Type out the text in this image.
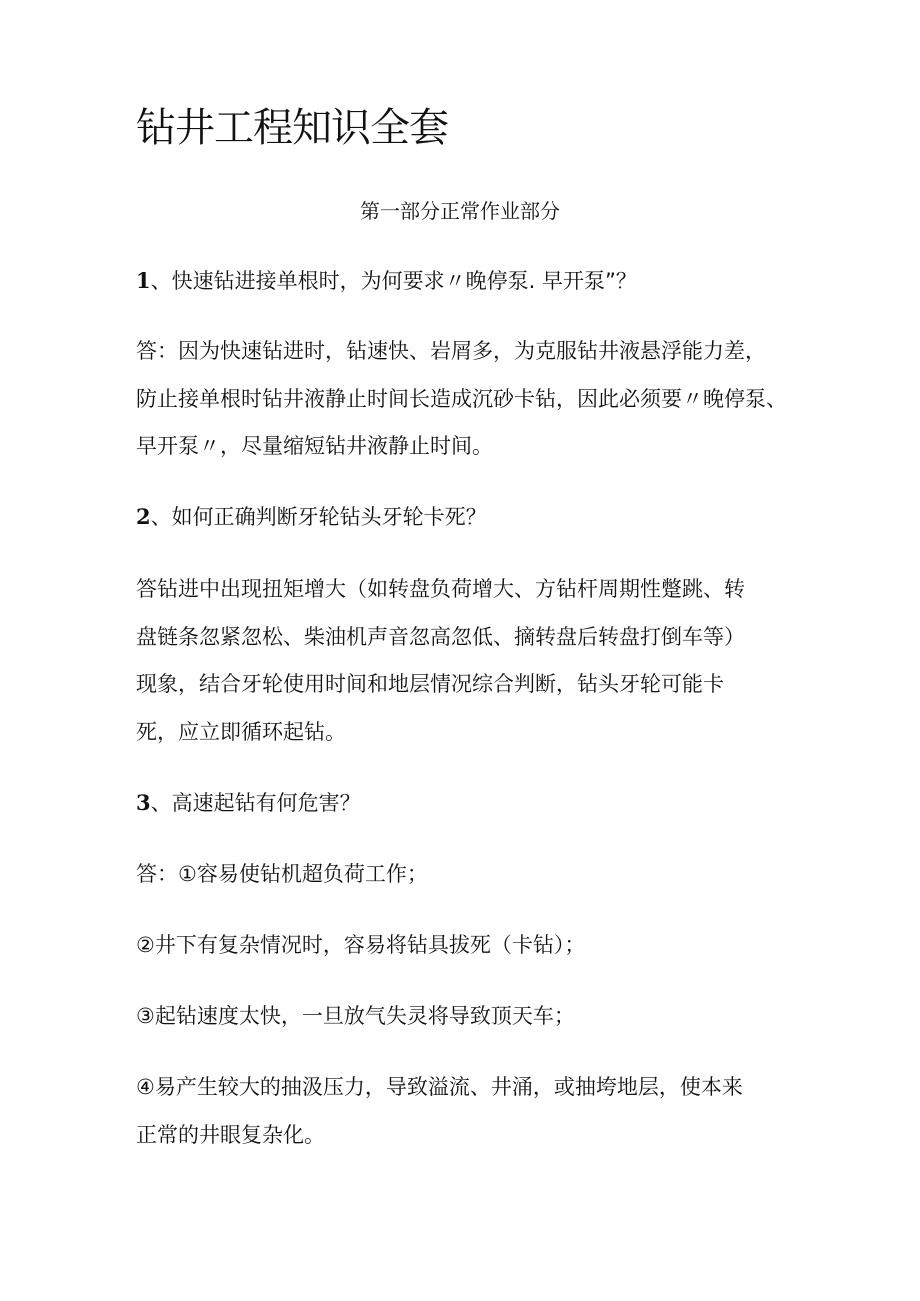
钻井工程知识全套
第一部分正常作业部分

1、快速钻进接单根时，为何要求〃晚停泵. 早开泵”？

答：因为快速钻进时，钻速快、岩屑多，为克服钻井液悬浮能力差，

防止接单根时钻井液静止时间长造成沉砂卡钻，因此必须要〃晚停泵、

早开泵〃，尽量缩短钻井液静止时间。

2、如何正确判断牙轮钻头牙轮卡死？

答钻进中出现扭矩增大（如转盘负荷增大、方钻杆周期性蹩跳、转

盘链条忽紧忽松、柴油机声音忽高忽低、摘转盘后转盘打倒车等）

现象，结合牙轮使用时间和地层情况综合判断，钻头牙轮可能卡

死，应立即循环起钻。

3、高速起钻有何危害？

答：①容易使钻机超负荷工作；

②井下有复杂情况时，容易将钻具拔死（卡钻）；

③起钻速度太快，一旦放气失灵将导致顶天车；

④易产生较大的抽汲压力，导致溢流、井涌，或抽垮地层，使本来

正常的井眼复杂化。
